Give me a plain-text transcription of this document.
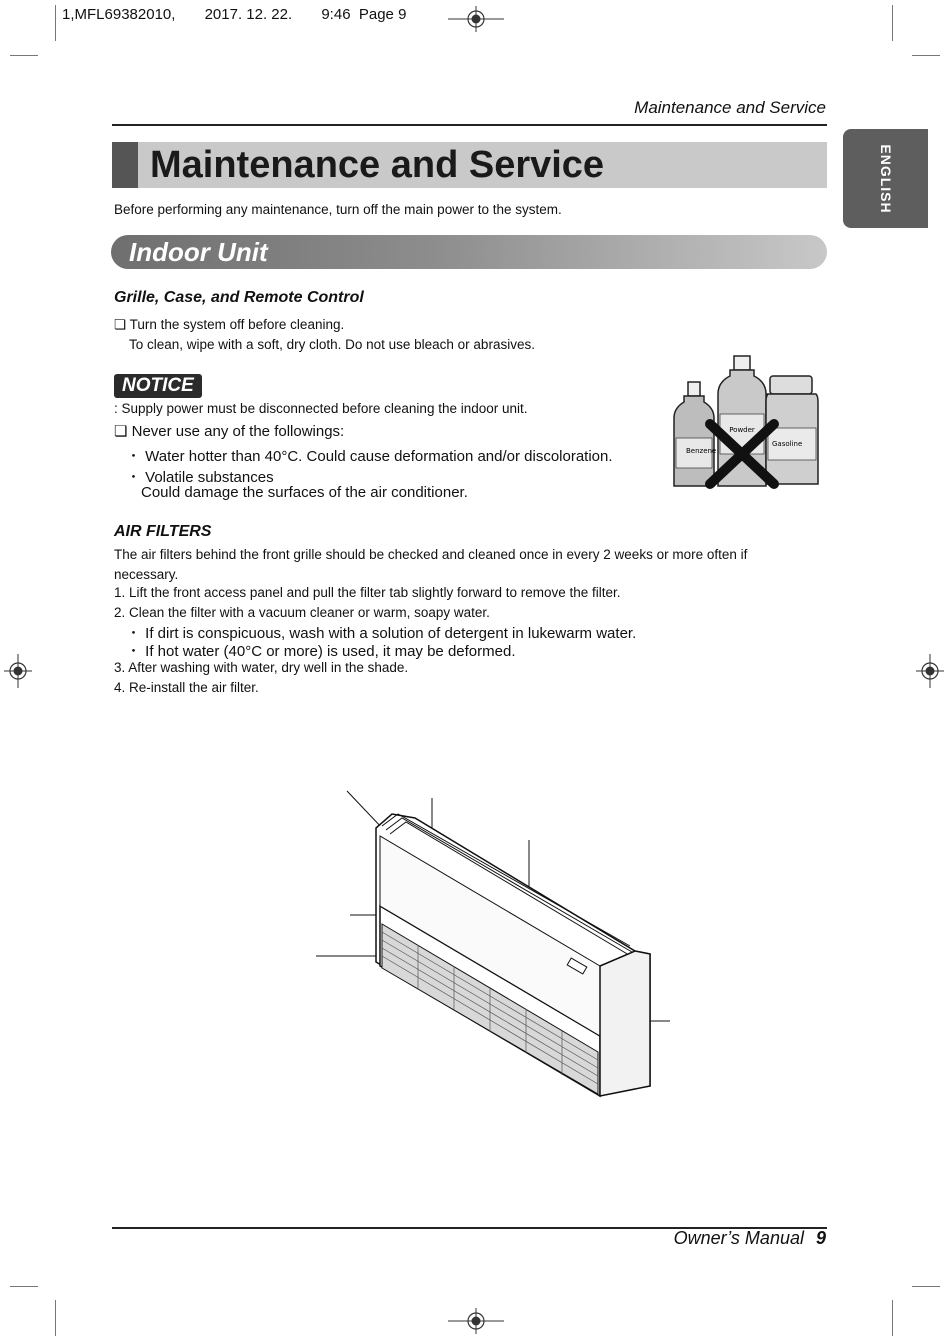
1,MFL69382010,       2017. 12. 22.       9:46  Page 9
Maintenance and Service
Maintenance and Service	ENGLISH
Before performing any maintenance, turn off the main power to the system.
Indoor Unit
Grille, Case, and Remote Control
❏ Turn the system off before cleaning.
To clean, wipe with a soft, dry cloth. Do not use bleach or abrasives.
NOTICE
: Supply power must be disconnected before cleaning the indoor unit.
❏ Never use any of the followings:
・ Water hotter than 40°C. Could cause deformation and/or discoloration.
・ Volatile substances
Could damage the surfaces of the air conditioner.
Powder
Benzene
Gasoline
AIR FILTERS
The air filters behind the front grille should be checked and cleaned once in every 2 weeks or more often if necessary.
1. Lift the front access panel and pull the filter tab slightly forward to remove the filter.
2. Clean the filter with a vacuum cleaner or warm, soapy water.
・ If dirt is conspicuous, wash with a solution of detergent in lukewarm water.
・ If hot water (40°C or more) is used, it may be deformed.
3. After washing with water, dry well in the shade.
4. Re-install the air filter.
Owner’s Manual 9
